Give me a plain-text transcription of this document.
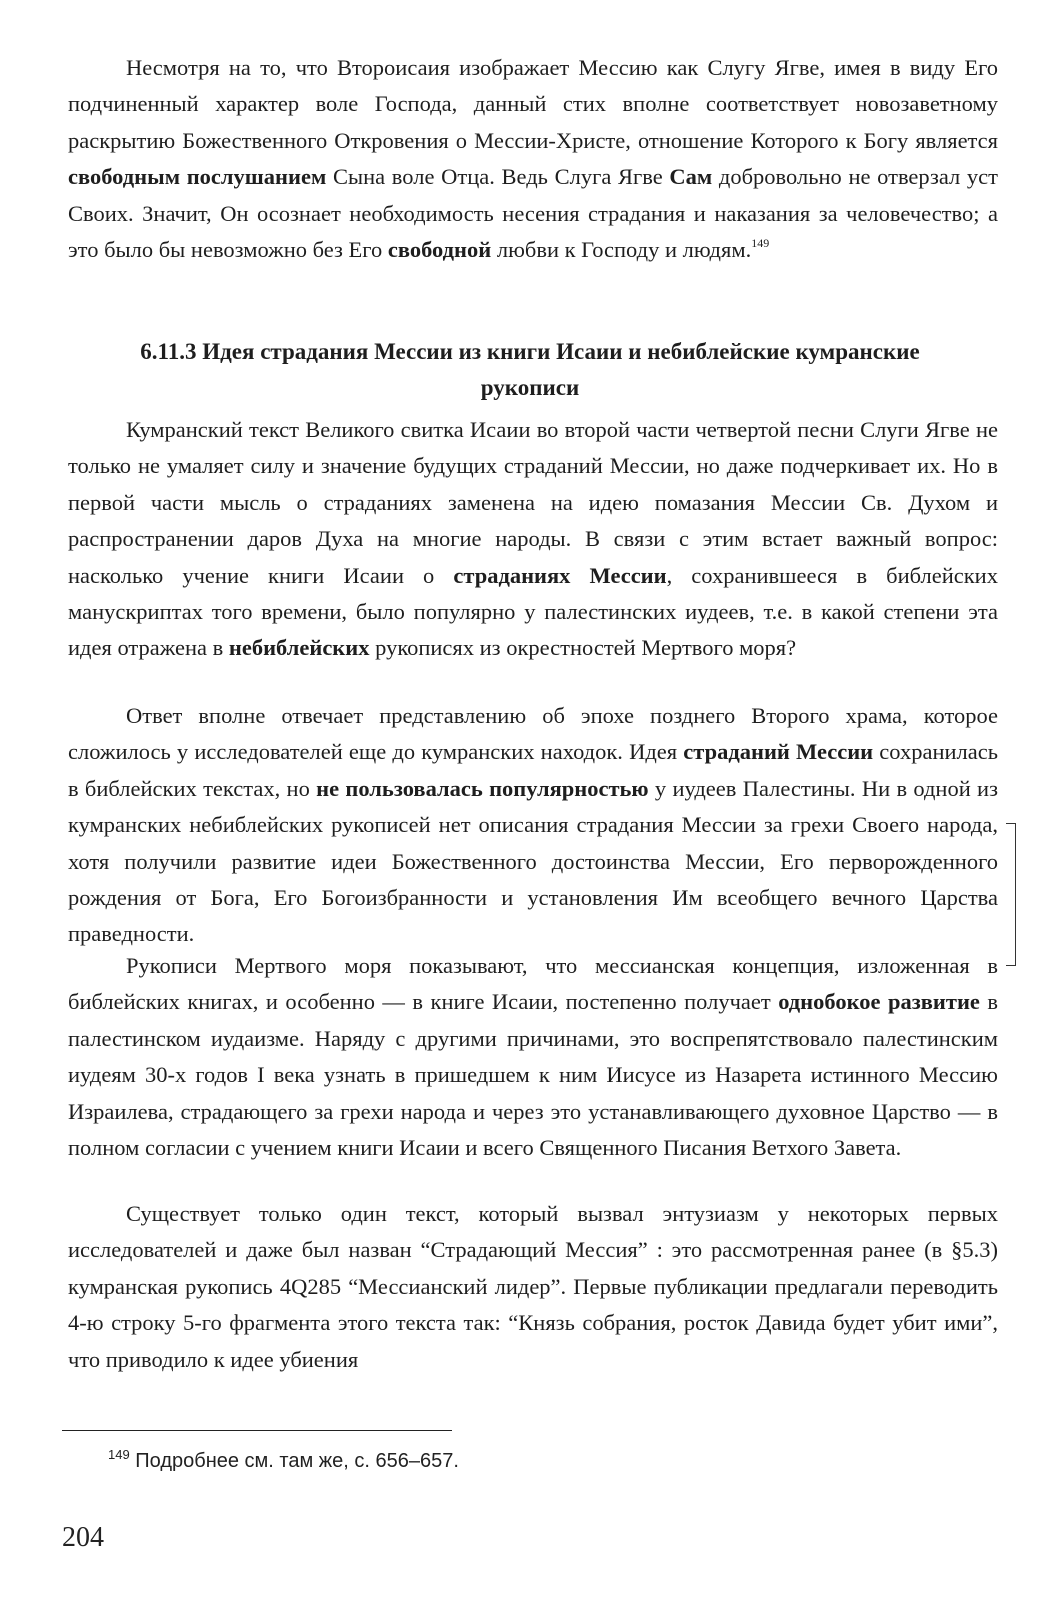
Несмотря на то, что Второисаия изображает Мессию как Слугу Ягве, имея в виду Его подчиненный характер воле Господа, данный стих вполне соответствует новозаветному раскрытию Божественного Откровения о Мессии-Христе, отношение Которого к Богу является свободным послушанием Сына воле Отца. Ведь Слуга Ягве Сам добровольно не отверзал уст Своих. Значит, Он осознает необходимость несения страдания и наказания за человечество; а это было бы невозможно без Его свободной любви к Господу и людям.$^{149}$

6.11.3 Идея страдания Мессии из книги Исаии и небиблейские кумранские рукописи

Кумранский текст Великого свитка Исаии во второй части четвертой песни Слуги Ягве не только не умаляет силу и значение будущих страданий Мессии, но даже подчеркивает их. Но в первой части мысль о страданиях заменена на идею помазания Мессии Св. Духом и распространении даров Духа на многие народы. В связи с этим встает важный вопрос: насколько учение книги Исаии о страданиях Мессии, сохранившееся в библейских манускриптах того времени, было популярно у палестинских иудеев, т.е. в какой степени эта идея отражена в небиблейских рукописях из окрестностей Мертвого моря?

Ответ вполне отвечает представлению об эпохе позднего Второго храма, которое сложилось у исследователей еще до кумранских находок. Идея страданий Мессии сохранилась в библейских текстах, но не пользовалась популярностью у иудеев Палестины. Ни в одной из кумранских небиблейских рукописей нет описания страдания Мессии за грехи Своего народа, хотя получили развитие идеи Божественного достоинства Мессии, Его перворожденного рождения от Бога, Его Богоизбранности и установления Им всеобщего вечного Царства праведности.

Рукописи Мертвого моря показывают, что мессианская концепция, изложенная в библейских книгах, и особенно — в книге Исаии, постепенно получает однобокое развитие в палестинском иудаизме. Наряду с другими причинами, это воспрепятствовало палестинским иудеям 30-х годов I века узнать в пришедшем к ним Иисусе из Назарета истинного Мессию Израилева, страдающего за грехи народа и через это устанавливающего духовное Царство — в полном согласии с учением книги Исаии и всего Священного Писания Ветхого Завета.

Существует только один текст, который вызвал энтузиазм у некоторых первых исследователей и даже был назван “Страдающий Мессия” : это рассмотренная ранее (в §5.3) кумранская рукопись 4Q285 “Мессианский лидер”. Первые публикации предлагали переводить 4-ю строку 5-го фрагмента этого текста так: “Князь собрания, росток Давида будет убит ими”, что приводило к идее убиения

$^{149}$ Подробнее см. там же, с. 656–657.
204
